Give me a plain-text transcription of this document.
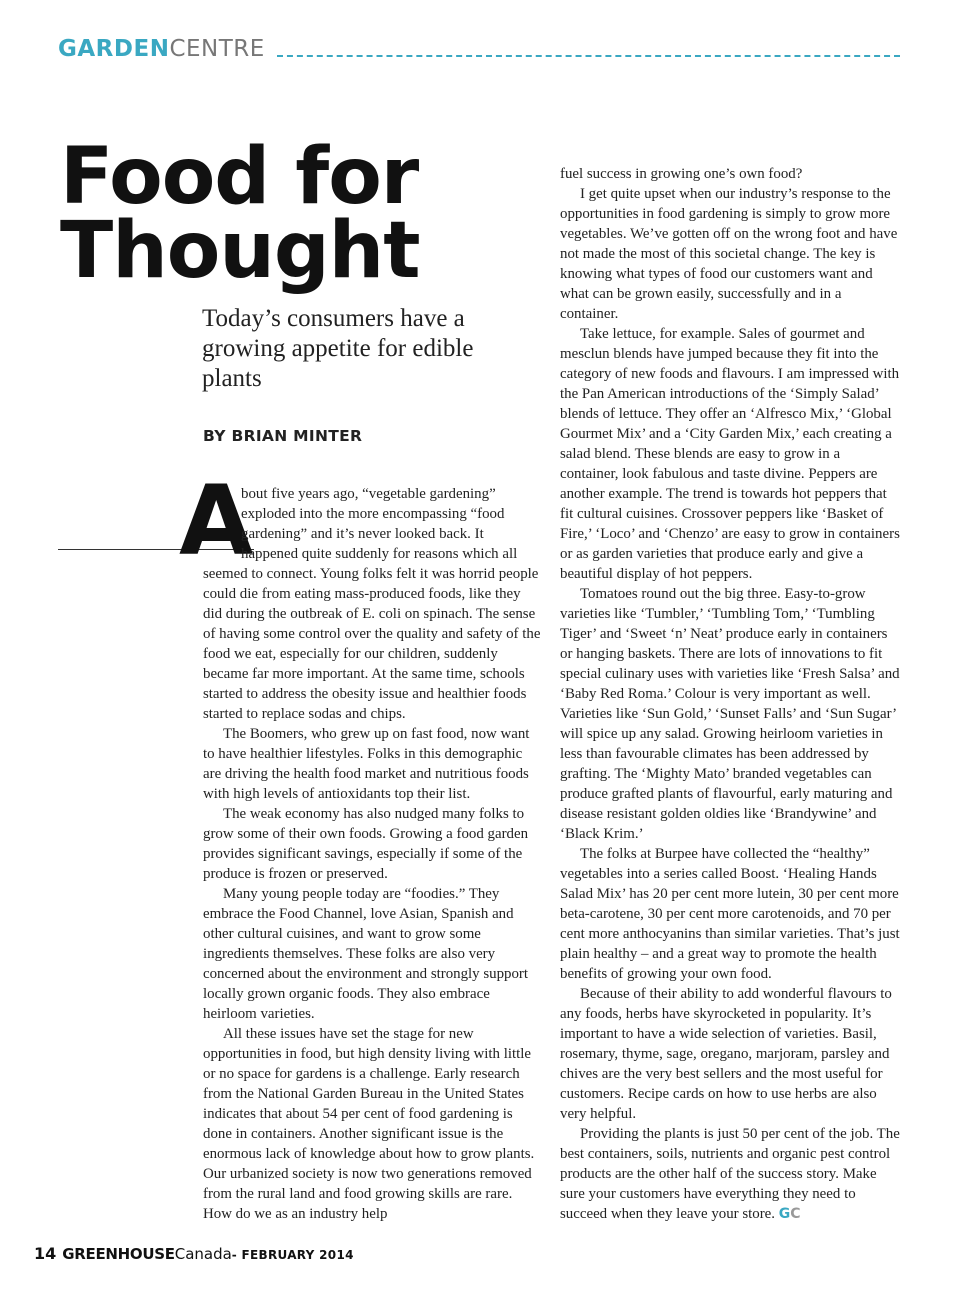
GARDEN CENTRE
Food for
Thought

Today’s consumers have a growing appetite for edible plants

BY BRIAN MINTER

A
bout five years ago, “vegetable gardening” exploded into the more encompassing “food gardening” and it’s never looked back. It happened quite suddenly for reasons which all seemed to connect. Young folks felt it was horrid people could die from eating mass-produced foods, like they did during the outbreak of E. coli on spinach. The sense of having some control over the quality and safety of the food we eat, especially for our children, suddenly became far more important. At the same time, schools started to address the obesity issue and healthier foods started to replace sodas and chips.

The Boomers, who grew up on fast food, now want to have healthier lifestyles. Folks in this demographic are driving the health food market and nutritious foods with high levels of antioxidants top their list.

The weak economy has also nudged many folks to grow some of their own foods. Growing a food garden provides significant savings, especially if some of the produce is frozen or preserved.

Many young people today are “foodies.” They embrace the Food Channel, love Asian, Spanish and other cultural cuisines, and want to grow some ingredients themselves. These folks are also very concerned about the environment and strongly support locally grown organic foods. They also embrace heirloom varieties.

All these issues have set the stage for new opportunities in food, but high density living with little or no space for gardens is a challenge. Early research from the National Garden Bureau in the United States indicates that about 54 per cent of food gardening is done in containers. Another significant issue is the enormous lack of knowledge about how to grow plants. Our urbanized society is now two generations removed from the rural land and food growing skills are rare. How do we as an industry help

fuel success in growing one’s own food?

I get quite upset when our industry’s response to the opportunities in food gardening is simply to grow more vegetables. We’ve gotten off on the wrong foot and have not made the most of this societal change. The key is knowing what types of food our customers want and what can be grown easily, successfully and in a container.

Take lettuce, for example. Sales of gourmet and mesclun blends have jumped because they fit into the category of new foods and flavours. I am impressed with the Pan American introductions of the ‘Simply Salad’ blends of lettuce. They offer an ‘Alfresco Mix,’ ‘Global Gourmet Mix’ and a ‘City Garden Mix,’ each creating a salad blend. These blends are easy to grow in a container, look fabulous and taste divine. Peppers are another example. The trend is towards hot peppers that fit cultural cuisines. Crossover peppers like ‘Basket of Fire,’ ‘Loco’ and ‘Chenzo’ are easy to grow in containers or as garden varieties that produce early and give a beautiful display of hot peppers.

Tomatoes round out the big three. Easy-to-grow varieties like ‘Tumbler,’ ‘Tumbling Tom,’ ‘Tumbling Tiger’ and ‘Sweet ‘n’ Neat’ produce early in containers or hanging baskets. There are lots of innovations to fit special culinary uses with varieties like ‘Fresh Salsa’ and ‘Baby Red Roma.’ Colour is very important as well. Varieties like ‘Sun Gold,’ ‘Sunset Falls’ and ‘Sun Sugar’ will spice up any salad. Growing heirloom varieties in less than favourable climates has been addressed by grafting. The ‘Mighty Mato’ branded vegetables can produce grafted plants of flavourful, early maturing and disease resistant golden oldies like ‘Brandywine’ and ‘Black Krim.’

The folks at Burpee have collected the “healthy” vegetables into a series called Boost. ‘Healing Hands Salad Mix’ has 20 per cent more lutein, 30 per cent more beta-carotene, 30 per cent more carotenoids, and 70 per cent more anthocyanins than similar varieties. That’s just plain healthy – and a great way to promote the health benefits of growing your own food.

Because of their ability to add wonderful flavours to any foods, herbs have skyrocketed in popularity. It’s important to have a wide selection of varieties. Basil, rosemary, thyme, sage, oregano, marjoram, parsley and chives are the very best sellers and the most useful for customers. Recipe cards on how to use herbs are also very helpful.

Providing the plants is just 50 per cent of the job. The best containers, soils, nutrients and organic pest control products are the other half of the success story. Make sure your customers have everything they need to succeed when they leave your store. GC

14 GREENHOUSECanada- FEBRUARY 2014
